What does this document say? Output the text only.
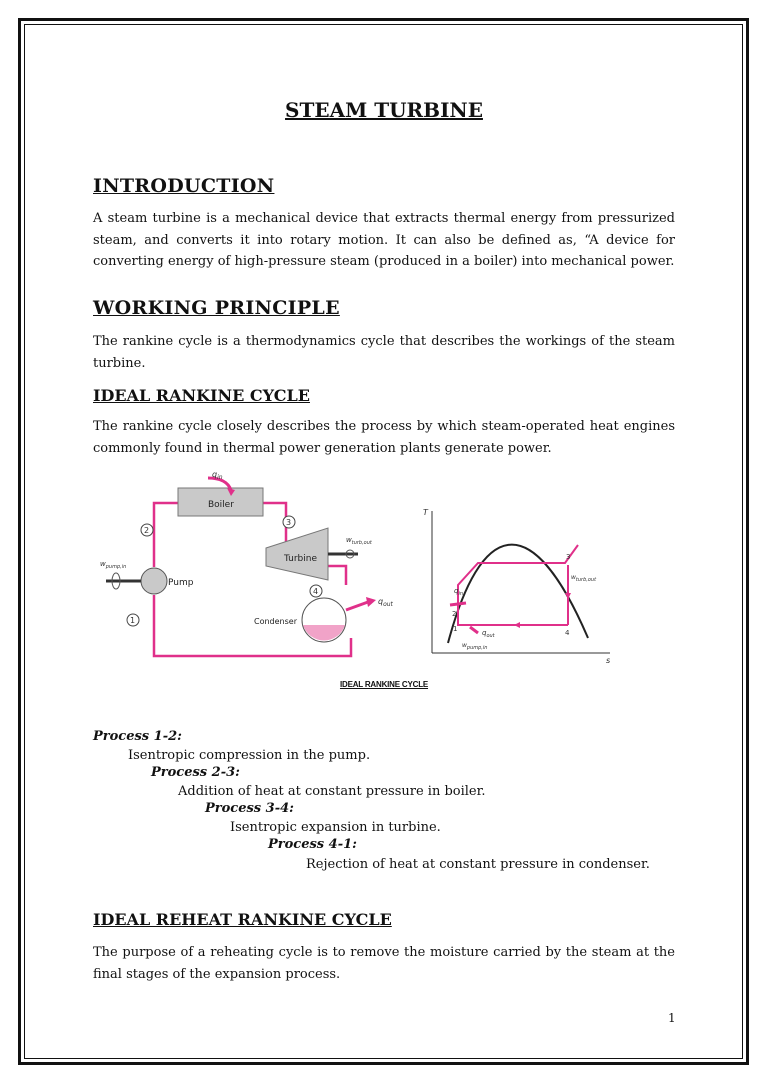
STEAM TURBINE
INTRODUCTION
A steam turbine is a mechanical device that extracts thermal energy from pressurized steam, and converts it into rotary motion. It can also be defined as, “A device for converting energy of high-pressure steam (produced in a boiler) into mechanical power.
WORKING PRINCIPLE
The rankine cycle is a thermodynamics cycle that describes the workings of the steam turbine.
IDEAL RANKINE CYCLE
The rankine cycle closely describes the process by which steam-operated heat engines commonly found in thermal power generation plants generate power.
Boiler
$q_{in}$
Turbine
$w_{turb,out}$
Pump
$w_{pump,in}$
Condenser
$q_{out}$
2
3
4
1
T
s
$q_{in}$
$q_{out}$
$w_{pump,in}$
$w_{turb,out}$
1
2
3
4
IDEAL RANKINE CYCLE
Process 1-2:
Isentropic compression in the pump.
Process 2-3:
Addition of heat at constant pressure in boiler.
Process 3-4:
Isentropic expansion in turbine.
Process 4-1:
Rejection of heat at constant pressure in condenser.
IDEAL REHEAT RANKINE CYCLE
The purpose of a reheating cycle is to remove the moisture carried by the steam at the final stages of the expansion process.
1
